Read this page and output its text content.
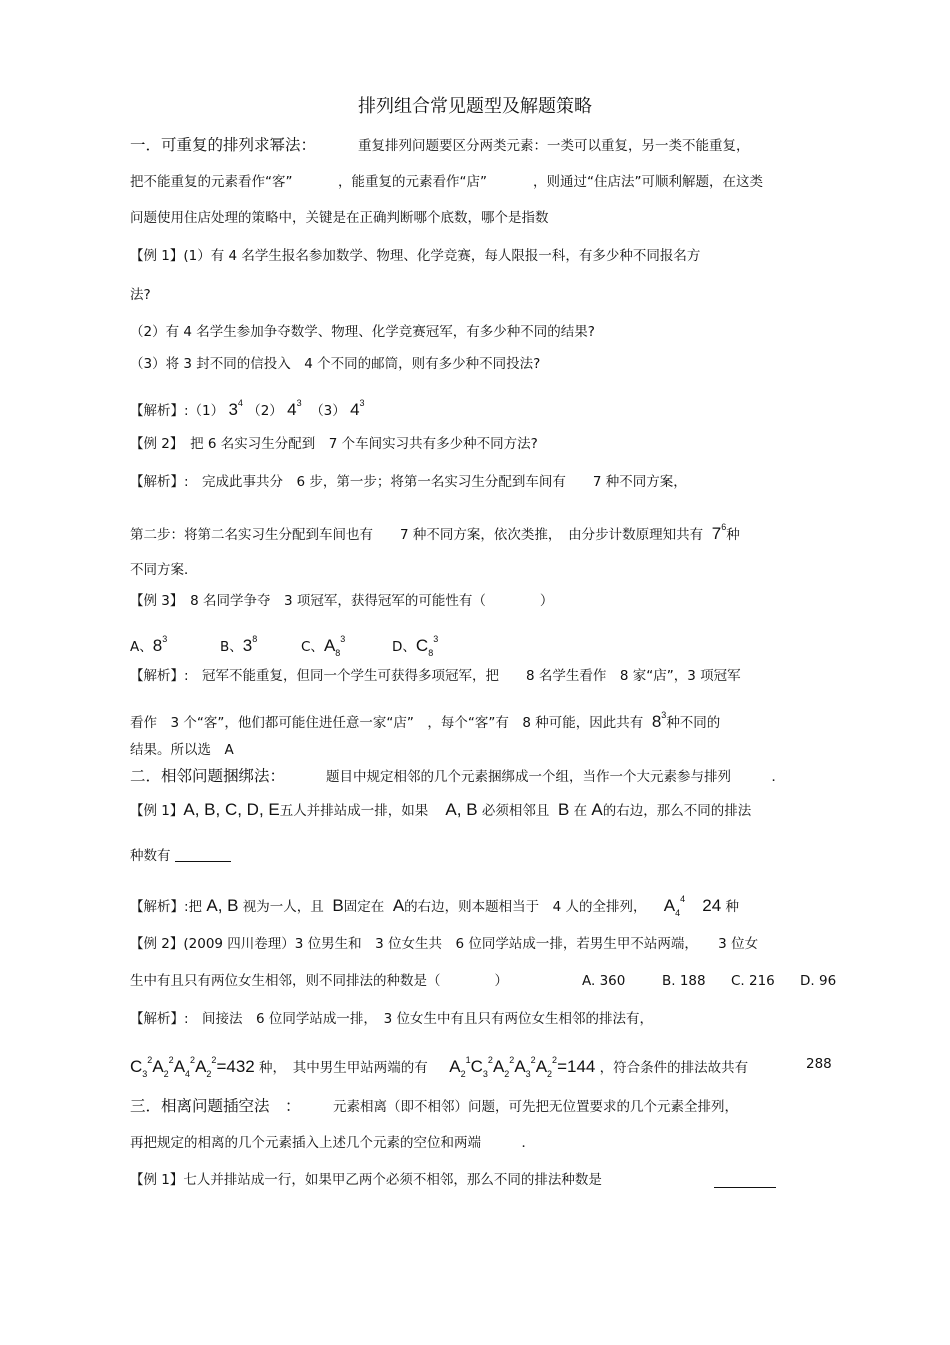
排列组合常见题型及解题策略
一．可重复的排列求幂法：	重复排列问题要区分两类元素：一类可以重复，另一类不能重复，
把不能重复的元素看作“客”	，能重复的元素看作“店”	，则通过“住店法”可顺利解题，在这类
问题使用住店处理的策略中，关键是在正确判断哪个底数，哪个是指数
【例 1】(1）有 4 名学生报名参加数学、物理、化学竞赛，每人限报一科，有多少种不同报名方
法?
（2）有 4 名学生参加争夺数学、物理、化学竞赛冠军，有多少种不同的结果?
（3）将 3 封不同的信投入　4 个不同的邮筒，则有多少种不同投法?
【解析】:（1） $3^4$ （2） $4^3$ （3） $4^3$
【例 2】　把 6 名实习生分配到　7 个车间实习共有多少种不同方法?
【解析】:　完成此事共分　6 步，第一步；将第一名实习生分配到车间有　　7 种不同方案，
第二步：将第二名实习生分配到车间也有　　7 种不同方案，依次类推，　由分步计数原理知共有 $7^6$种
不同方案．
【例 3】　8 名同学争夺　3 项冠军，获得冠军的可能性有（　　　　）
A、$8^3$	B、$3^8$	C、$A_8^3$	D、$C_8^3$
【解析】:　冠军不能重复，但同一个学生可获得多项冠军，把　　8 名学生看作　8 家“店”，3 项冠军
看作　3 个“客”，他们都可能住进任意一家“店”　，每个“客”有　8 种可能，因此共有 $8^3$种不同的
结果。所以选　A
二．相邻问题捆绑法：	题目中规定相邻的几个元素捆绑成一个组，当作一个大元素参与排列　　　．
【例 1】A, B, C, D, E五人并排站成一排，如果 A, B 必须相邻且 B 在 A的右边，那么不同的排法
种数有
【解析】:把 A, B 视为一人，且 B固定在 A的右边，则本题相当于　4 人的全排列， $A_4^4$ 24 种
【例 2】(2009 四川卷理）3 位男生和　3 位女生共　6 位同学站成一排，若男生甲不站两端，　　3 位女
生中有且只有两位女生相邻，则不同排法的种数是（　　　　）	A. 360	B. 188 C. 216 D. 96
【解析】:　间接法　6 位同学站成一排，　3 位女生中有且只有两位女生相邻的排法有，
$C_3^2A_2^2A_4^2A_2^2=432$ 种，　其中男生甲站两端的有 $A_2^1C_3^2A_2^2A_3^2A_2^2=144$ ，符合条件的排法故共有	288
三．相离问题插空法　： 元素相离（即不相邻）问题，可先把无位置要求的几个元素全排列，
再把规定的相离的几个元素插入上述几个元素的空位和两端　　　．
【例 1】七人并排站成一行，如果甲乙两个必须不相邻，那么不同的排法种数是
